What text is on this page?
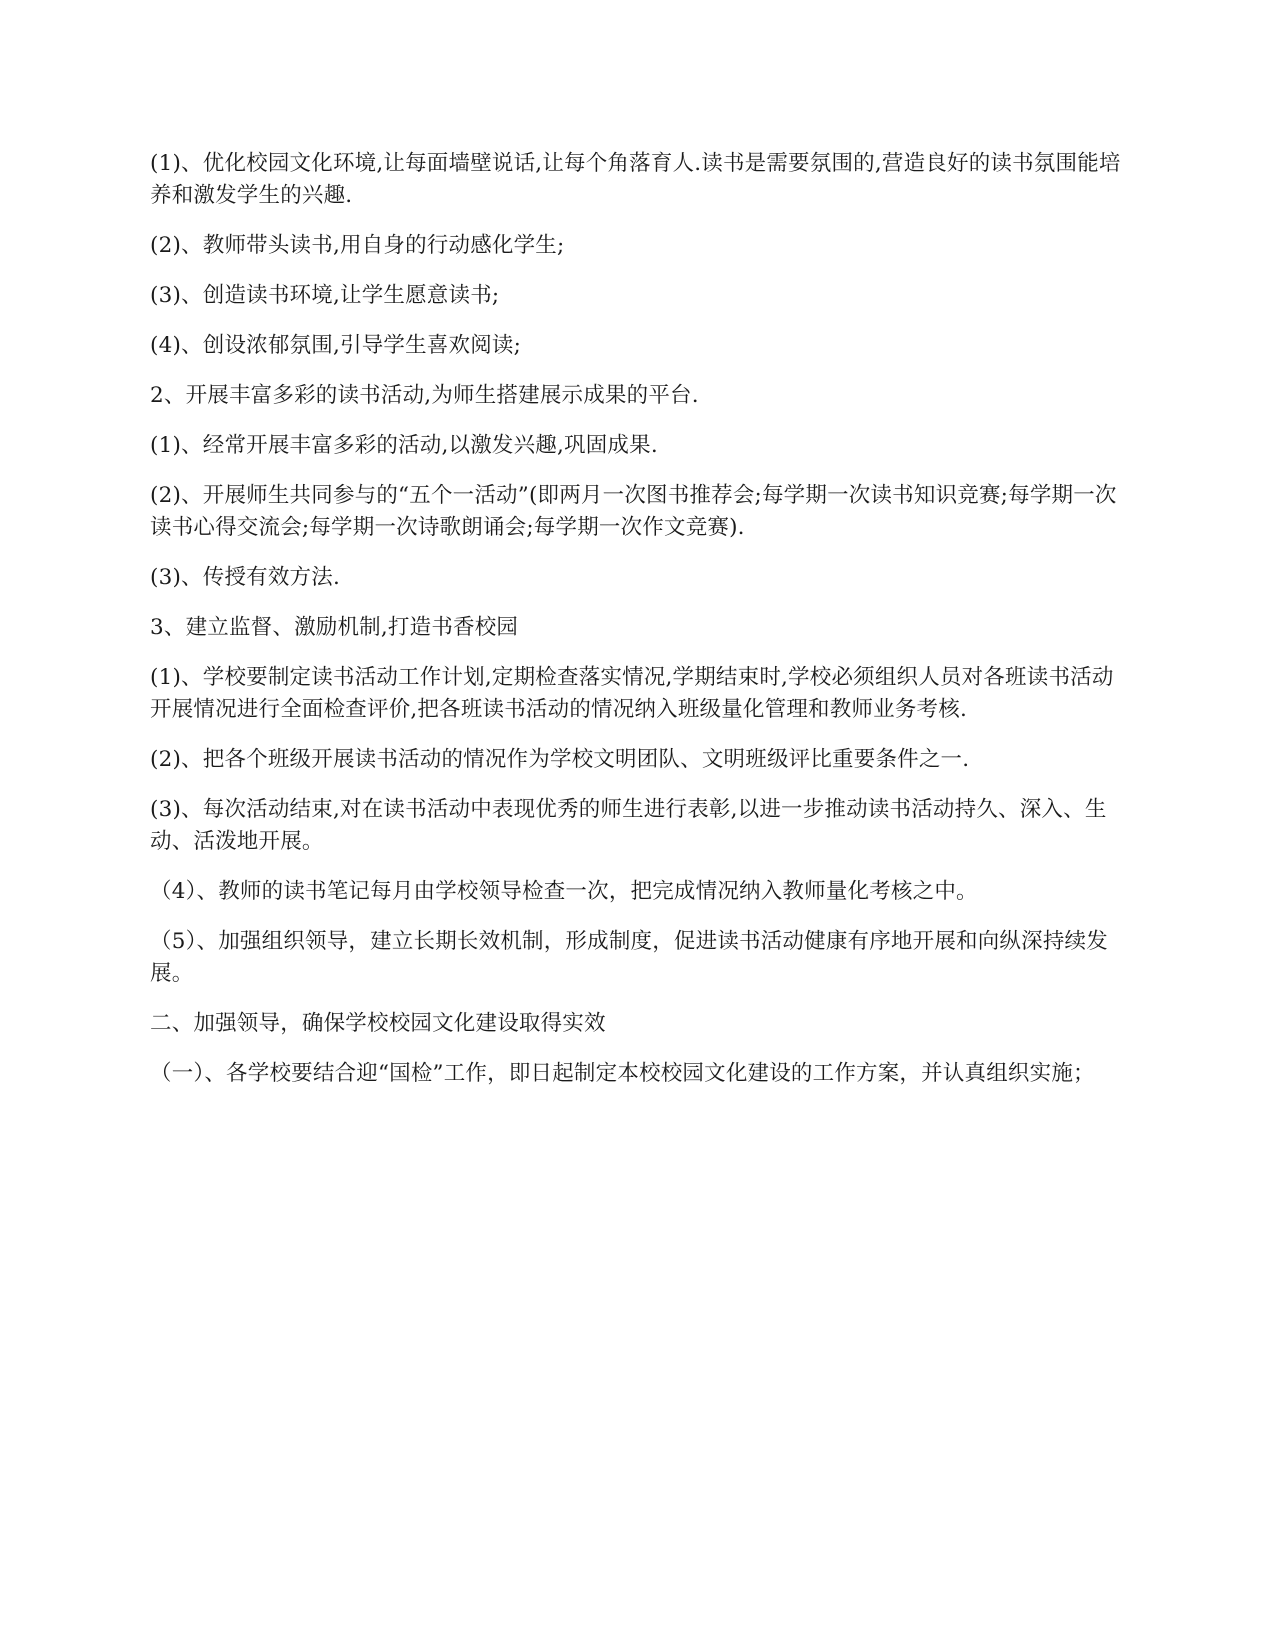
(1)、优化校园文化环境,让每面墙壁说话,让每个角落育人.读书是需要氛围的,营造良好的读书氛围能培养和激发学生的兴趣.

(2)、教师带头读书,用自身的行动感化学生;

(3)、创造读书环境,让学生愿意读书;

(4)、创设浓郁氛围,引导学生喜欢阅读;

2、开展丰富多彩的读书活动,为师生搭建展示成果的平台.

(1)、经常开展丰富多彩的活动,以激发兴趣,巩固成果.

(2)、开展师生共同参与的“五个一活动”(即两月一次图书推荐会;每学期一次读书知识竞赛;每学期一次读书心得交流会;每学期一次诗歌朗诵会;每学期一次作文竞赛).

(3)、传授有效方法.

3、建立监督、激励机制,打造书香校园

(1)、学校要制定读书活动工作计划,定期检查落实情况,学期结束时,学校必须组织人员对各班读书活动开展情况进行全面检查评价,把各班读书活动的情况纳入班级量化管理和教师业务考核.

(2)、把各个班级开展读书活动的情况作为学校文明团队、文明班级评比重要条件之一.

(3)、每次活动结束,对在读书活动中表现优秀的师生进行表彰,以进一步推动读书活动持久、深入、生动、活泼地开展。

（4）、教师的读书笔记每月由学校领导检查一次，把完成情况纳入教师量化考核之中。

（5）、加强组织领导，建立长期长效机制，形成制度，促进读书活动健康有序地开展和向纵深持续发展。

二、加强领导，确保学校校园文化建设取得实效

（一）、各学校要结合迎“国检”工作，即日起制定本校校园文化建设的工作方案，并认真组织实施；
